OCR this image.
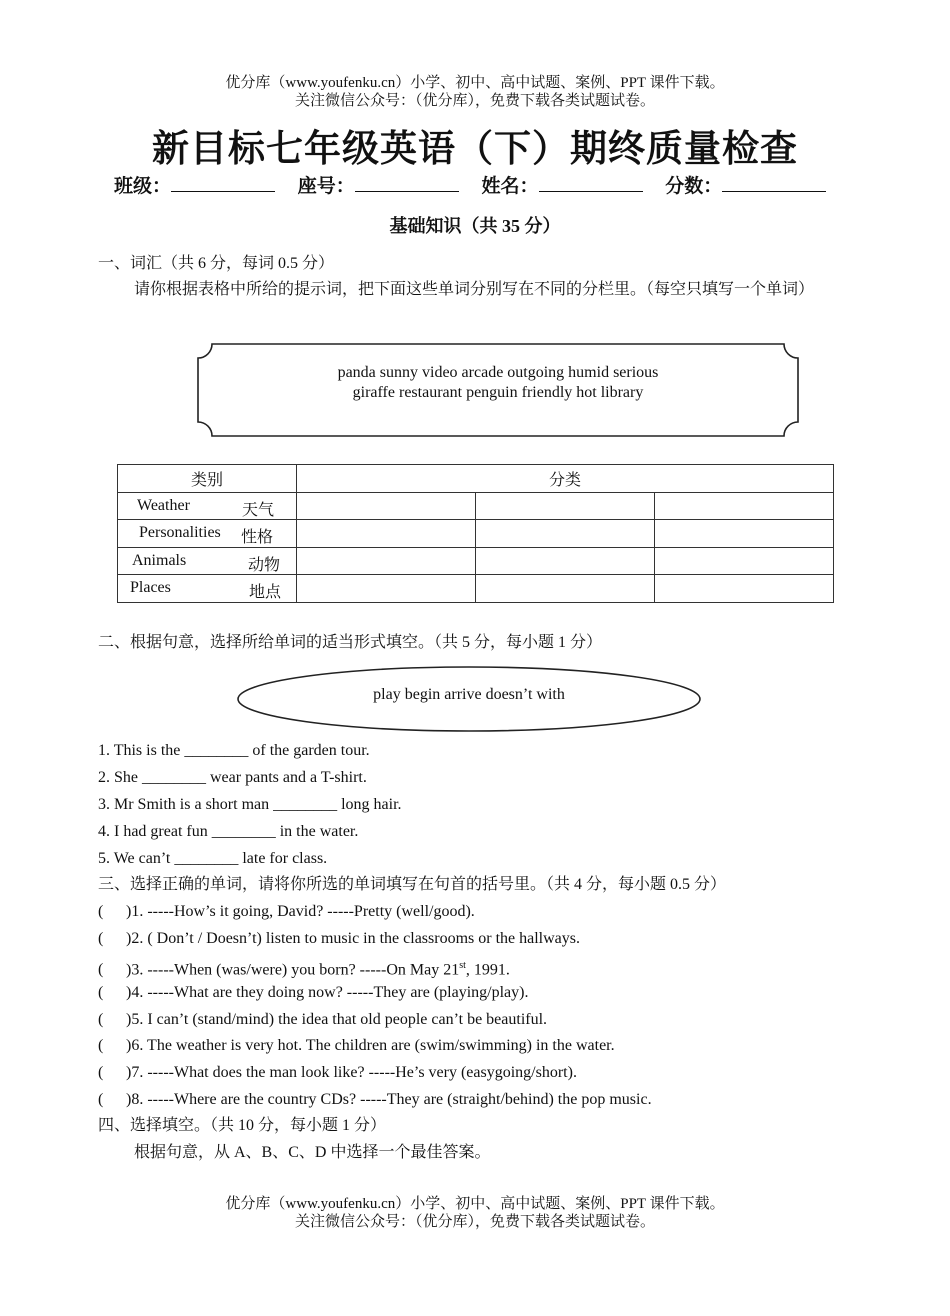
优分库（www.youfenku.cn）小学、初中、高中试题、案例、PPT 课件下载。
关注微信公众号：（优分库），免费下载各类试题试卷。
新目标七年级英语（下）期终质量检查
班级：	座号：	姓名：	分数：
基础知识（共 35 分）
一、词汇（共 6 分，每词 0.5 分）
请你根据表格中所给的提示词，把下面这些单词分别写在不同的分栏里。（每空只填写一个单词）
panda sunny video arcade outgoing humid serious
giraffe restaurant penguin friendly hot library
类别	分类		

Weather 天气			

Personalities 性格			

Animals 动物			

Places 地点			

二、根据句意，选择所给单词的适当形式填空。（共 5 分，每小题 1 分）
play begin arrive doesn’t with
1. This is the ________ of the garden tour.
2. She ________ wear pants and a T-shirt.
3. Mr Smith is a short man ________ long hair.
4. I had great fun ________ in the water.
5. We can’t ________ late for class.
三、选择正确的单词，请将你所选的单词填写在句首的括号里。（共 4 分，每小题 0.5 分）
( )1. -----How’s it going, David? -----Pretty (well/good).
( )2. ( Don’t / Doesn’t) listen to music in the classrooms or the hallways.
( )3. -----When (was/were) you born? -----On May 21st, 1991.
( )4. -----What are they doing now? -----They are (playing/play).
( )5. I can’t (stand/mind) the idea that old people can’t be beautiful.
( )6. The weather is very hot. The children are (swim/swimming) in the water.
( )7. -----What does the man look like? -----He’s very (easygoing/short).
( )8. -----Where are the country CDs? -----They are (straight/behind) the pop music.
四、选择填空。（共 10 分，每小题 1 分）
根据句意，从 A、B、C、D 中选择一个最佳答案。
优分库（www.youfenku.cn）小学、初中、高中试题、案例、PPT 课件下载。
关注微信公众号：（优分库），免费下载各类试题试卷。
